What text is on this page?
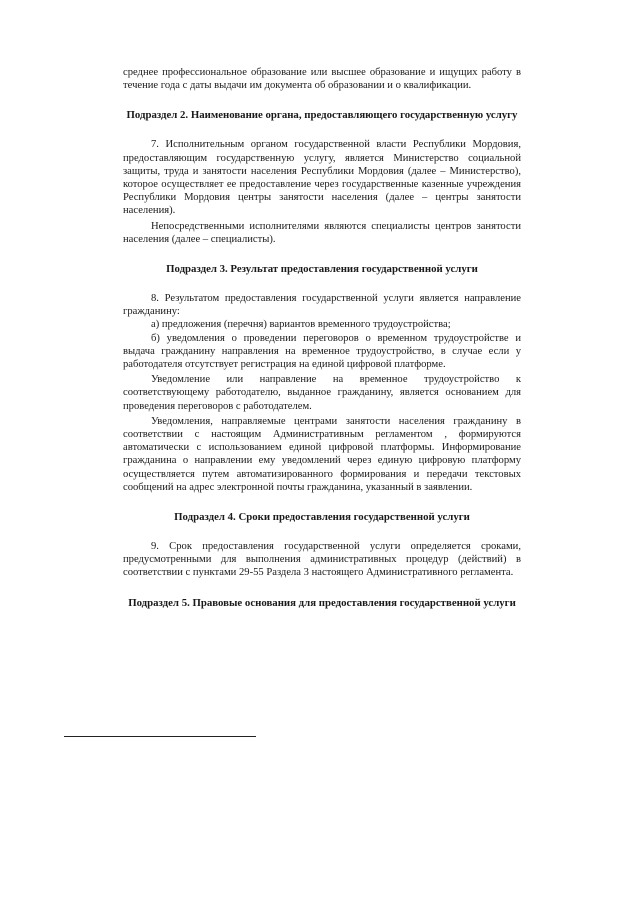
среднее профессиональное образование или высшее образование и ищущих работу в течение года с даты выдачи им документа об образовании и о квалификации.

Подраздел 2. Наименование органа, предоставляющего государственную услугу

7. Исполнительным органом государственной власти Республики Мордовия, предоставляющим государственную услугу, является Министерство социальной защиты, труда и занятости населения Республики Мордовия (далее – Министерство), которое осуществляет ее предоставление через государственные казенные учреждения Республики Мордовия центры занятости населения (далее – центры занятости населения).

Непосредственными исполнителями являются специалисты центров занятости населения (далее – специалисты).

Подраздел 3. Результат предоставления государственной услуги

8. Результатом предоставления государственной услуги является направление гражданину:

а) предложения (перечня) вариантов временного трудоустройства;

б) уведомления о проведении переговоров о временном трудоустройстве и выдача гражданину направления на временное трудоустройство, в случае если у работодателя отсутствует регистрация на единой цифровой платформе.

Уведомление или направление на временное трудоустройство к соответствующему работодателю, выданное гражданину, является основанием для проведения переговоров с работодателем.

Уведомления, направляемые центрами занятости населения гражданину в соответствии с настоящим Административным регламентом , формируются автоматически с использованием единой цифровой платформы. Информирование гражданина о направлении ему уведомлений через единую цифровую платформу осуществляется путем автоматизированного формирования и передачи текстовых сообщений на адрес электронной почты гражданина, указанный в заявлении.

Подраздел 4. Сроки предоставления государственной услуги

9. Срок предоставления государственной услуги определяется сроками, предусмотренными для выполнения административных процедур (действий) в соответствии с пунктами 29-55 Раздела 3 настоящего Административного регламента.

Подраздел 5. Правовые основания для предоставления государственной услуги
